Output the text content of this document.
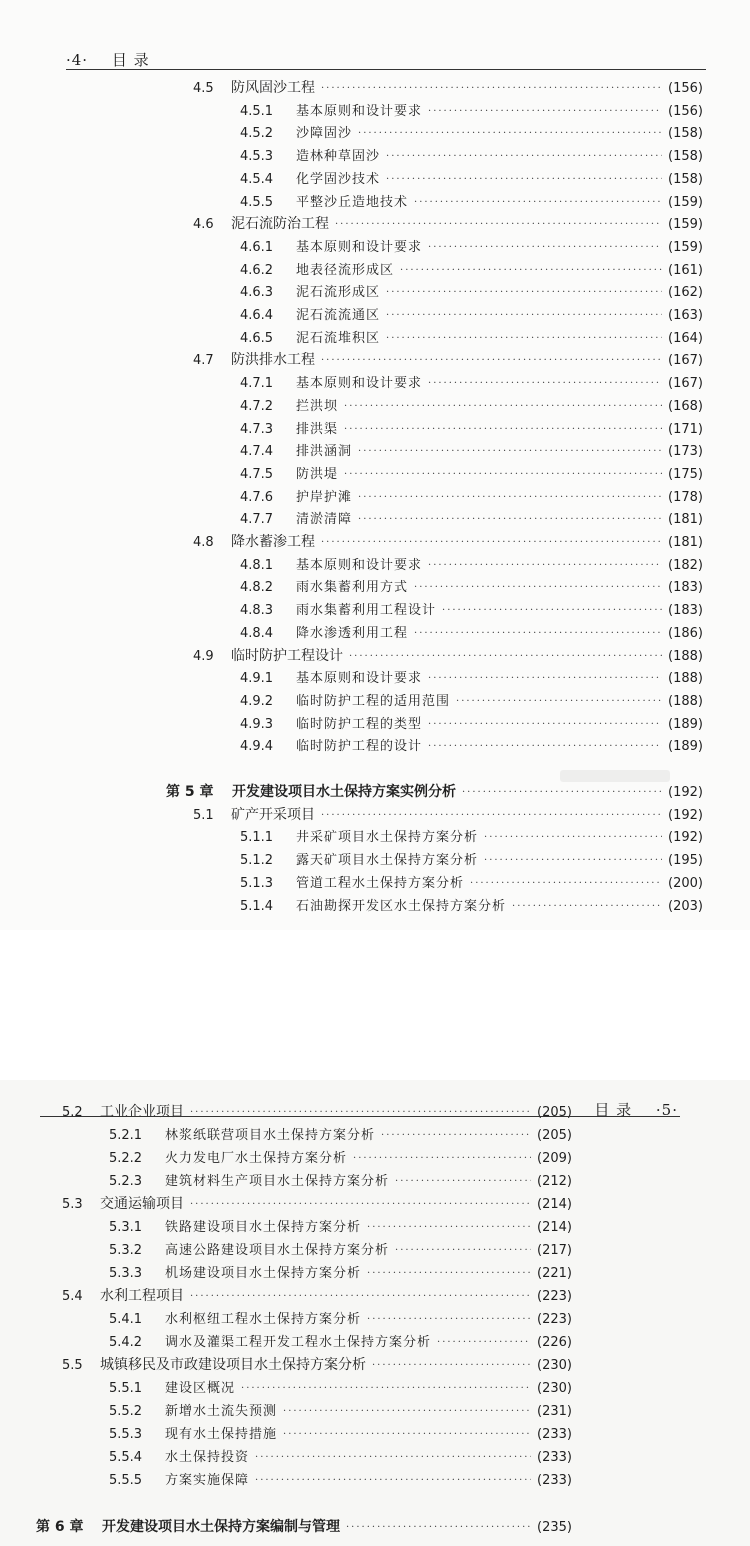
·4· 目 录
4.5	防风固沙工程 ·····	(156)
4.5.1	基本原则和设计要求 ·····	(156)
4.5.2	沙障固沙 ·····	(158)
4.5.3	造林种草固沙 ·····	(158)
4.5.4	化学固沙技术 ·····	(158)
4.5.5	平整沙丘造地技术 ·····	(159)
4.6	泥石流防治工程 ·····	(159)
4.6.1	基本原则和设计要求 ·····	(159)
4.6.2	地表径流形成区 ·····	(161)
4.6.3	泥石流形成区 ·····	(162)
4.6.4	泥石流流通区 ·····	(163)
4.6.5	泥石流堆积区 ·····	(164)
4.7	防洪排水工程 ·····	(167)
4.7.1	基本原则和设计要求 ·····	(167)
4.7.2	拦洪坝 ·····	(168)
4.7.3	排洪渠 ·····	(171)
4.7.4	排洪涵洞 ·····	(173)
4.7.5	防洪堤 ·····	(175)
4.7.6	护岸护滩 ·····	(178)
4.7.7	清淤清障 ·····	(181)
4.8	降水蓄渗工程 ·····	(181)
4.8.1	基本原则和设计要求 ·····	(182)
4.8.2	雨水集蓄利用方式 ·····	(183)
4.8.3	雨水集蓄利用工程设计 ·····	(183)
4.8.4	降水渗透利用工程 ·····	(186)
4.9	临时防护工程设计 ·····	(188)
4.9.1	基本原则和设计要求 ·····	(188)
4.9.2	临时防护工程的适用范围 ·····	(188)
4.9.3	临时防护工程的类型 ·····	(189)
4.9.4	临时防护工程的设计 ·····	(189)
第 5 章	开发建设项目水土保持方案实例分析 ·····	(192)
5.1	矿产开采项目 ·····	(192)
5.1.1	井采矿项目水土保持方案分析 ·····	(192)
5.1.2	露天矿项目水土保持方案分析 ·····	(195)
5.1.3	管道工程水土保持方案分析 ·····	(200)
5.1.4	石油勘探开发区水土保持方案分析 ·····	(203)
5.2	工业企业项目 ·····	(205)
5.2.1	林浆纸联营项目水土保持方案分析 ·····	(205)
5.2.2	火力发电厂水土保持方案分析 ·····	(209)
5.2.3	建筑材料生产项目水土保持方案分析 ·····	(212)
5.3	交通运输项目 ·····	(214)
5.3.1	铁路建设项目水土保持方案分析 ·····	(214)
5.3.2	高速公路建设项目水土保持方案分析 ·····	(217)
5.3.3	机场建设项目水土保持方案分析 ·····	(221)
5.4	水利工程项目 ·····	(223)
5.4.1	水利枢纽工程水土保持方案分析 ·····	(223)
5.4.2	调水及灌渠工程开发工程水土保持方案分析 ·····	(226)
5.5	城镇移民及市政建设项目水土保持方案分析 ·····	(230)
5.5.1	建设区概况 ·····	(230)
5.5.2	新增水土流失预测 ·····	(231)
5.5.3	现有水土保持措施 ·····	(233)
5.5.4	水土保持投资 ·····	(233)
5.5.5	方案实施保障 ·····	(233)
第 6 章	开发建设项目水土保持方案编制与管理 ·····	(235)
目 录 ·5·
